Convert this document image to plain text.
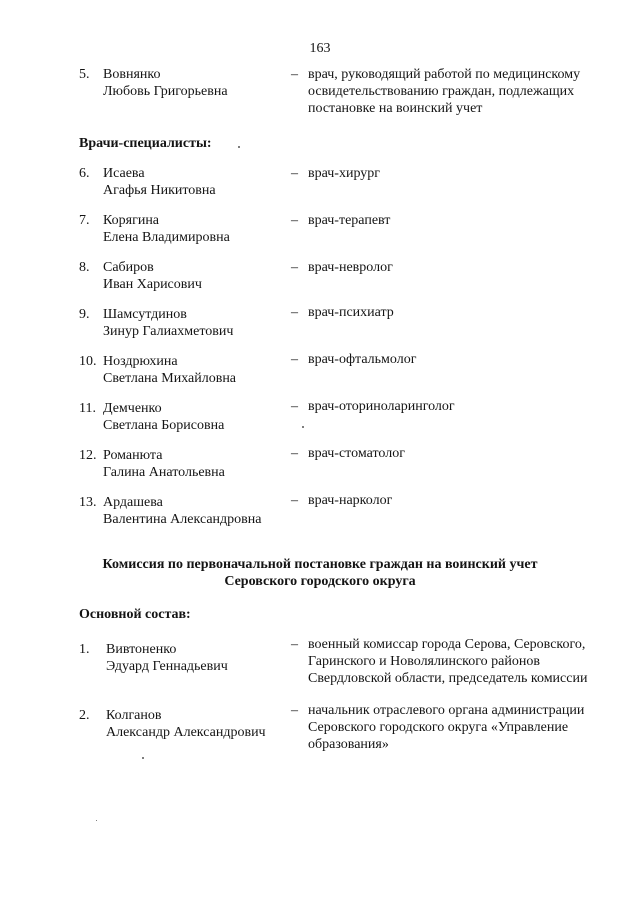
163
5. Вовнянко
Любовь Григорьевна
– врач, руководящий работой по медицинскому
освидетельствованию граждан, подлежащих
постановке на воинский учет
Врачи-специалисты:
6. Исаева
Агафья Никитовна
– врач-хирург
7. Корягина
Елена Владимировна
– врач-терапевт
8. Сабиров
Иван Харисович
– врач-невролог
9. Шамсутдинов
Зинур Галиахметович
– врач-психиатр
10. Ноздрюхина
Светлана Михайловна
– врач-офтальмолог
11. Демченко
Светлана Борисовна
– врач-оториноларинголог
12. Романюта
Галина Анатольевна
– врач-стоматолог
13. Ардашева
Валентина Александровна
– врач-нарколог
Комиссия по первоначальной постановке граждан на воинский учет
Серовского городского округа
Основной состав:
1.	Вивтоненко
Эдуард Геннадьевич
– военный комиссар города Серова, Серовского,
Гаринского и Новолялинского районов
Свердловской области, председатель комиссии
2.	Колганов
Александр Александрович
– начальник отраслевого органа администрации
Серовского городского округа «Управление
образования»
